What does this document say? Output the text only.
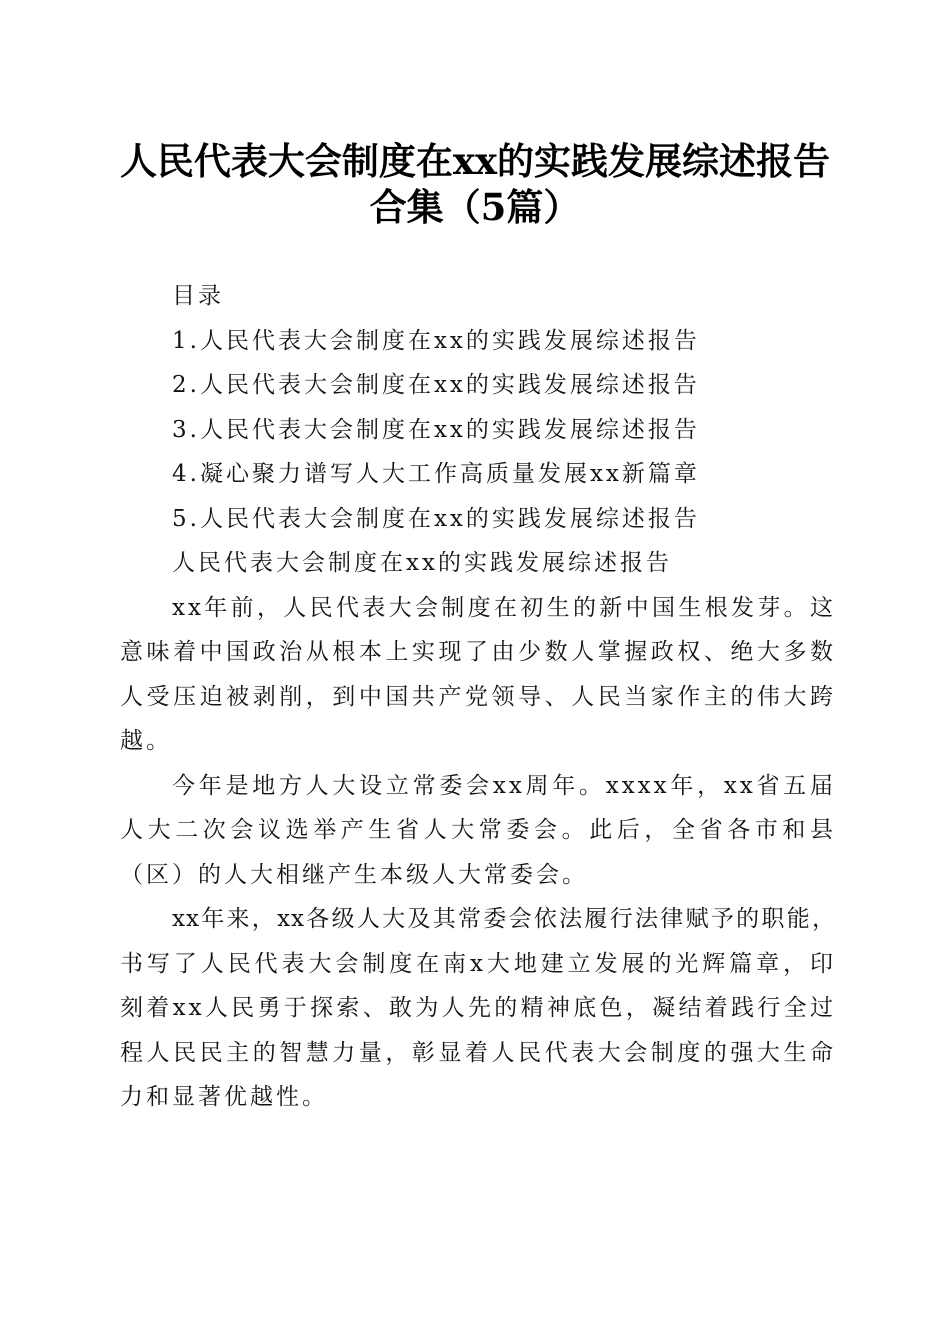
人民代表大会制度在xx的实践发展综述报告
合集（5篇）
目录
1.人民代表大会制度在xx的实践发展综述报告
2.人民代表大会制度在xx的实践发展综述报告
3.人民代表大会制度在xx的实践发展综述报告
4.凝心聚力谱写人大工作高质量发展xx新篇章
5.人民代表大会制度在xx的实践发展综述报告
人民代表大会制度在xx的实践发展综述报告
xx年前，人民代表大会制度在初生的新中国生根发芽。这
意味着中国政治从根本上实现了由少数人掌握政权、绝大多数
人受压迫被剥削，到中国共产党领导、人民当家作主的伟大跨
越。
今年是地方人大设立常委会xx周年。xxxx年，xx省五届
人大二次会议选举产生省人大常委会。此后，全省各市和县
（区）的人大相继产生本级人大常委会。
xx年来，xx各级人大及其常委会依法履行法律赋予的职能，
书写了人民代表大会制度在南x大地建立发展的光辉篇章，印
刻着xx人民勇于探索、敢为人先的精神底色，凝结着践行全过
程人民民主的智慧力量，彰显着人民代表大会制度的强大生命
力和显著优越性。
